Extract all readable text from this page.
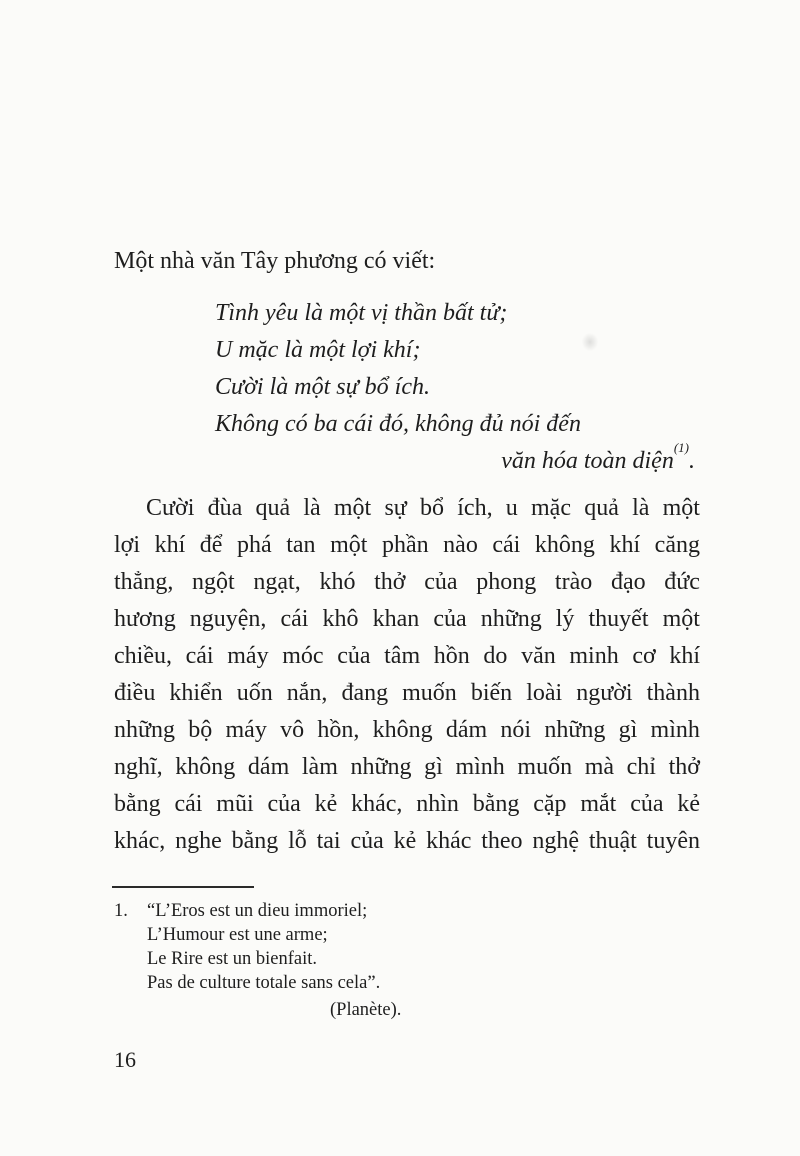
Một nhà văn Tây phương có viết:
Tình yêu là một vị thần bất tử;
U mặc là một lợi khí;
Cười là một sự bổ ích.
Không có ba cái đó, không đủ nói đến
văn hóa toàn diện$^{(1)}$.
Cười đùa quả là một sự bổ ích, u mặc quả là một
lợi khí để phá tan một phần nào cái không khí căng
thẳng, ngột ngạt, khó thở của phong trào đạo đức
hương nguyện, cái khô khan của những lý thuyết một
chiều, cái máy móc của tâm hồn do văn minh cơ khí
điều khiển uốn nắn, đang muốn biến loài người thành
những bộ máy vô hồn, không dám nói những gì mình
nghĩ, không dám làm những gì mình muốn mà chỉ thở
bằng cái mũi của kẻ khác, nhìn bằng cặp mắt của kẻ
khác, nghe bằng lỗ tai của kẻ khác theo nghệ thuật tuyên
1.	“L’Eros est un dieu immoriel;
L’Humour est une arme;
Le Rire est un bienfait.
Pas de culture totale sans cela”.
(Planète).
16
